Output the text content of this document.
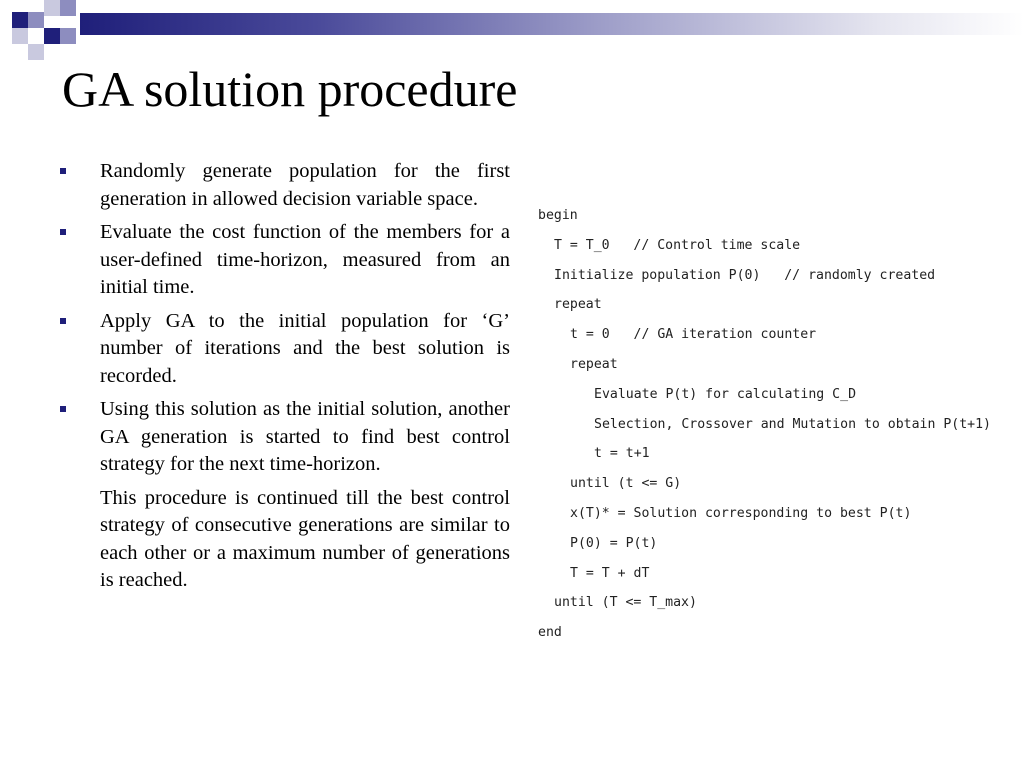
GA solution procedure
Randomly generate population for the first generation in allowed decision variable space.
Evaluate the cost function of the members for a user-defined time-horizon, measured from an initial time.
Apply GA to the initial population for ‘G’ number of iterations and the best solution is recorded.
Using this solution as the initial solution, another GA generation is started to find best control strategy for the next time-horizon.
This procedure is continued till the best control strategy of consecutive generations are similar to each other or a maximum number of generations is reached.
begin
T = T_0   // Control time scale
Initialize population P(0)   // randomly created
repeat
t = 0   // GA iteration counter
repeat
Evaluate P(t) for calculating C_D
Selection, Crossover and Mutation to obtain P(t+1)
t = t+1
until (t <= G)
x(T)* = Solution corresponding to best P(t)
P(0) = P(t)
T = T + dT
until (T <= T_max)
end
